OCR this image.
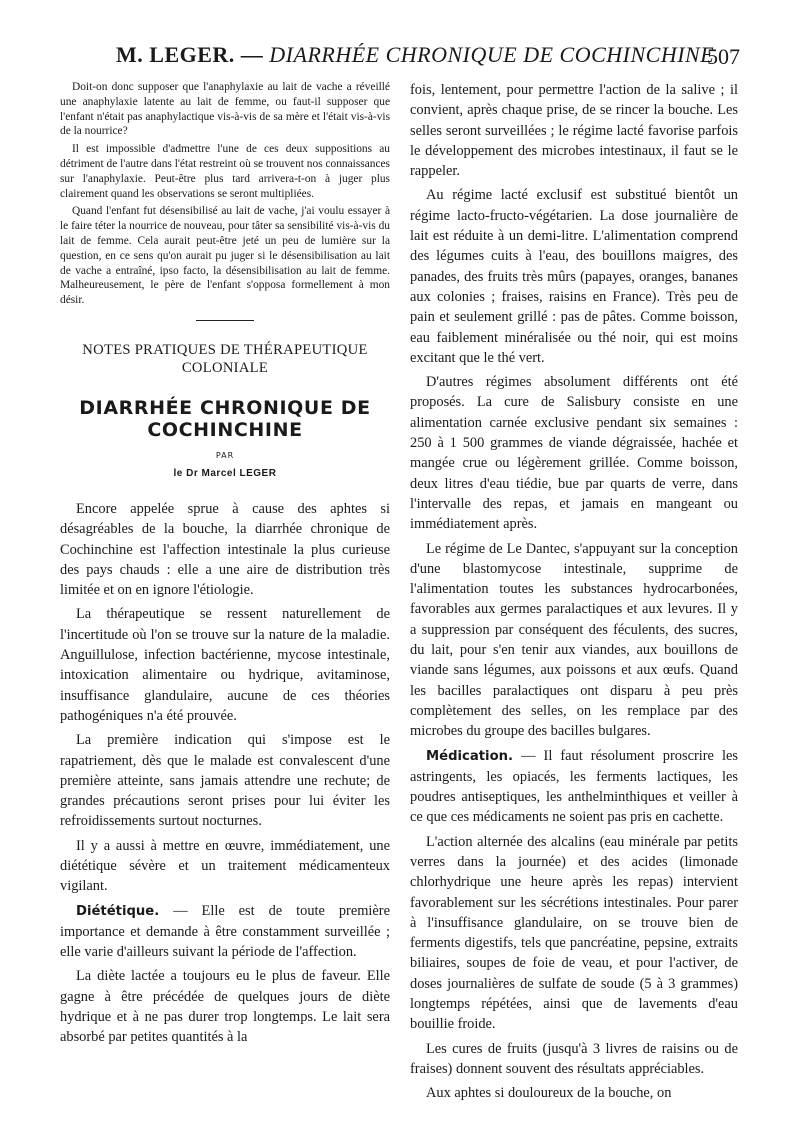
M. LEGER. — DIARRHÉE CHRONIQUE DE COCHINCHINE
507

Doit-on donc supposer que l'anaphylaxie au lait de vache a réveillé une anaphylaxie latente au lait de femme, ou faut-il supposer que l'enfant n'était pas anaphylactique vis-à-vis de sa mère et l'était vis-à-vis de la nourrice?

Il est impossible d'admettre l'une de ces deux suppositions au détriment de l'autre dans l'état restreint où se trouvent nos connaissances sur l'anaphylaxie. Peut-être plus tard arrivera-t-on à juger plus clairement quand les observations se seront multipliées.

Quand l'enfant fut désensibilisé au lait de vache, j'ai voulu essayer à le faire téter la nourrice de nouveau, pour tâter sa sensibilité vis-à-vis du lait de femme. Cela aurait peut-être jeté un peu de lumière sur la question, en ce sens qu'on aurait pu juger si le désensibilisation au lait de vache a entraîné, ipso facto, la désensibilisation au lait de femme. Malheureusement, le père de l'enfant s'opposa formellement à mon désir.

NOTES PRATIQUES DE THÉRAPEUTIQUE
COLONIALE
DIARRHÉE CHRONIQUE DE
COCHINCHINE
PAR
le Dr Marcel LEGER

Encore appelée sprue à cause des aphtes si désagréables de la bouche, la diarrhée chronique de Cochinchine est l'affection intestinale la plus curieuse des pays chauds : elle a une aire de distribution très limitée et on en ignore l'étiologie.

La thérapeutique se ressent naturellement de l'incertitude où l'on se trouve sur la nature de la maladie. Anguillulose, infection bactérienne, mycose intestinale, intoxication alimentaire ou hydrique, avitaminose, insuffisance glandulaire, aucune de ces théories pathogéniques n'a été prouvée.

La première indication qui s'impose est le rapatriement, dès que le malade est convalescent d'une première atteinte, sans jamais attendre une rechute; de grandes précautions seront prises pour lui éviter les refroidissements surtout nocturnes.

Il y a aussi à mettre en œuvre, immédiatement, une diététique sévère et un traitement médicamenteux vigilant.

Diététique. — Elle est de toute première importance et demande à être constamment surveillée ; elle varie d'ailleurs suivant la période de l'affection.

La diète lactée a toujours eu le plus de faveur. Elle gagne à être précédée de quelques jours de diète hydrique et à ne pas durer trop longtemps. Le lait sera absorbé par petites quantités à la

fois, lentement, pour permettre l'action de la salive ; il convient, après chaque prise, de se rincer la bouche. Les selles seront surveillées ; le régime lacté favorise parfois le développement des microbes intestinaux, il faut se le rappeler.

Au régime lacté exclusif est substitué bientôt un régime lacto-fructo-végétarien. La dose journalière de lait est réduite à un demi-litre. L'alimentation comprend des légumes cuits à l'eau, des bouillons maigres, des panades, des fruits très mûrs (papayes, oranges, bananes aux colonies ; fraises, raisins en France). Très peu de pain et seulement grillé : pas de pâtes. Comme boisson, eau faiblement minéralisée ou thé noir, qui est moins excitant que le thé vert.

D'autres régimes absolument différents ont été proposés. La cure de Salisbury consiste en une alimentation carnée exclusive pendant six semaines : 250 à 1 500 grammes de viande dégraissée, hachée et mangée crue ou légèrement grillée. Comme boisson, deux litres d'eau tiédie, bue par quarts de verre, dans l'intervalle des repas, et jamais en mangeant ou immédiatement après.

Le régime de Le Dantec, s'appuyant sur la conception d'une blastomycose intestinale, supprime de l'alimentation toutes les substances hydrocarbonées, favorables aux germes paralactiques et aux levures. Il y a suppression par conséquent des féculents, des sucres, du lait, pour s'en tenir aux viandes, aux bouillons de viande sans légumes, aux poissons et aux œufs. Quand les bacilles paralactiques ont disparu à peu près complètement des selles, on les remplace par des microbes du groupe des bacilles bulgares.

Médication. — Il faut résolument proscrire les astringents, les opiacés, les ferments lactiques, les poudres antiseptiques, les anthelminthiques et veiller à ce que ces médicaments ne soient pas pris en cachette.

L'action alternée des alcalins (eau minérale par petits verres dans la journée) et des acides (limonade chlorhydrique une heure après les repas) intervient favorablement sur les sécrétions intestinales. Pour parer à l'insuffisance glandulaire, on se trouve bien de ferments digestifs, tels que pancréatine, pepsine, extraits biliaires, soupes de foie de veau, et pour l'activer, de doses journalières de sulfate de soude (5 à 3 grammes) longtemps répétées, ainsi que de lavements d'eau bouillie froide.

Les cures de fruits (jusqu'à 3 livres de raisins ou de fraises) donnent souvent des résultats appréciables.

Aux aphtes si douloureux de la bouche, on
